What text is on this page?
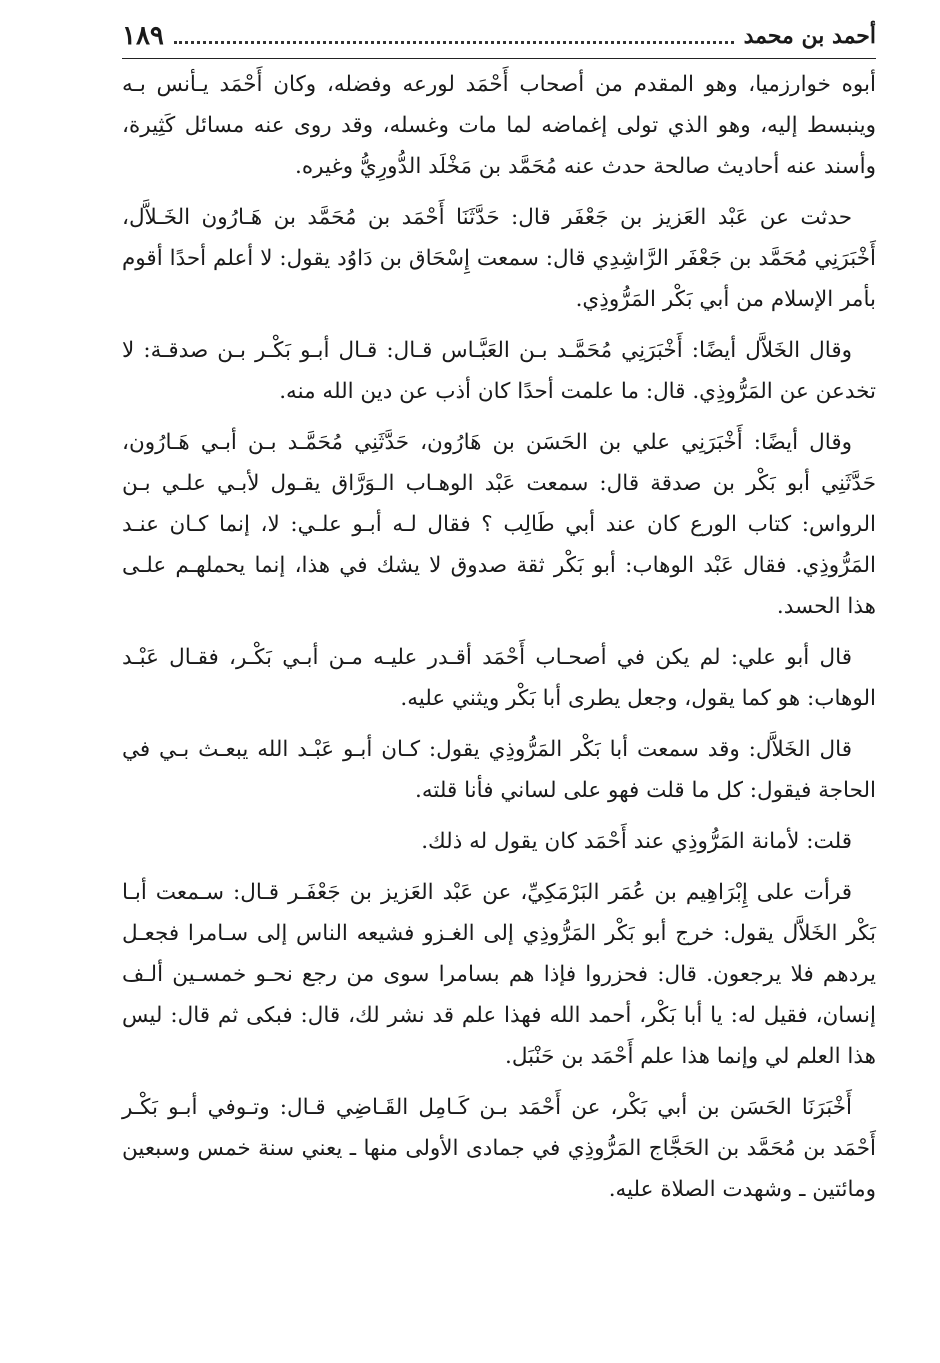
أحمد بن محمد
١٨٩

أبوه خوارزميا، وهو المقدم من أصحاب أَحْمَد لورعه وفضله، وكان أَحْمَد يـأنس بـه وينبسط إليه، وهو الذي تولى إغماضه لما مات وغسله، وقد روى عنه مسائل كَثِيرة، وأسند عنه أحاديث صالحة حدث عنه مُحَمَّد بن مَخْلَد الدُّورِيُّ وغيره.

حدثت عن عَبْد العَزيز بن جَعْفَر قال: حَدَّثَنَا أَحْمَد بن مُحَمَّد بن هَـارُون الخَـلاَّل، أَخْبَرَنِي مُحَمَّد بن جَعْفَر الرَّاشِدِي قال: سمعت إِسْحَاق بن دَاوُد يقول: لا أعلم أحدًا أقوم بأمر الإسلام من أبي بَكْر المَرُّوذِي.

وقال الخَلاَّل أيضًا: أَخْبَرَنِي مُحَمَّـد بـن العَبَّـاس قـال: قـال أبـو بَكْـر بـن صدقـة: لا تخدعن عن المَرُّوذِي. قال: ما علمت أحدًا كان أذب عن دين الله منه.

وقال أيضًا: أَخْبَرَنِي علي بن الحَسَن بن هَارُون، حَدَّثَنِي مُحَمَّـد بـن أبـي هَـارُون، حَدَّثَنِي أبو بَكْر بن صدقة قال: سمعت عَبْد الوهـاب الـوَرَّاق يقـول لأبـي علـي بـن الرواس: كتاب الورع كان عند أبي طَالِب ؟ فقال لـه أبـو علـي: لا، إنما كـان عنـد المَرُّوذِي. فقال عَبْد الوهاب: أبو بَكْر ثقة صدوق لا يشك في هذا، إنما يحملهـم علـى هذا الحسد.

قال أبو علي: لم يكن في أصحـاب أَحْمَد أقـدر عليـه مـن أبـي بَكْـر، فقـال عَبْـد الوهاب: هو كما يقول، وجعل يطرى أبا بَكْر ويثني عليه.

قال الخَلاَّل: وقد سمعت أبا بَكْر المَرُّوذِي يقول: كـان أبـو عَبْـد الله يبعـث بـي في الحاجة فيقول: كل ما قلت فهو على لساني فأنا قلته.

قلت: لأمانة المَرُّوذِي عند أَحْمَد كان يقول له ذلك.

قرأت على إِبْرَاهِيم بن عُمَر البَرْمَكِيِّ، عن عَبْد العَزيز بن جَعْفَـر قـال: سـمعت أبـا بَكْر الخَلاَّل يقول: خرج أبو بَكْر المَرُّوذِي إلى الغـزو فشيعه الناس إلى سـامرا فجعـل يردهم فلا يرجعون. قال: فحزروا فإذا هم بسامرا سوى من رجع نحـو خمسـين ألـف إنسان، فقيل له: يا أبا بَكْر، أحمد الله فهذا علم قد نشر لك، قال: فبكى ثم قال: ليس هذا العلم لي وإنما هذا علم أَحْمَد بن حَنْبَل.

أَخْبَرَنَا الحَسَن بن أبي بَكْر، عن أَحْمَد بـن كَـامِل القَـاضِي قـال: وتـوفي أبـو بَكْـر أَحْمَد بن مُحَمَّد بن الحَجَّاج المَرُّوذِي في جمادى الأولى منها ـ يعني سنة خمس وسبعين ومائتين ـ وشهدت الصلاة عليه.
